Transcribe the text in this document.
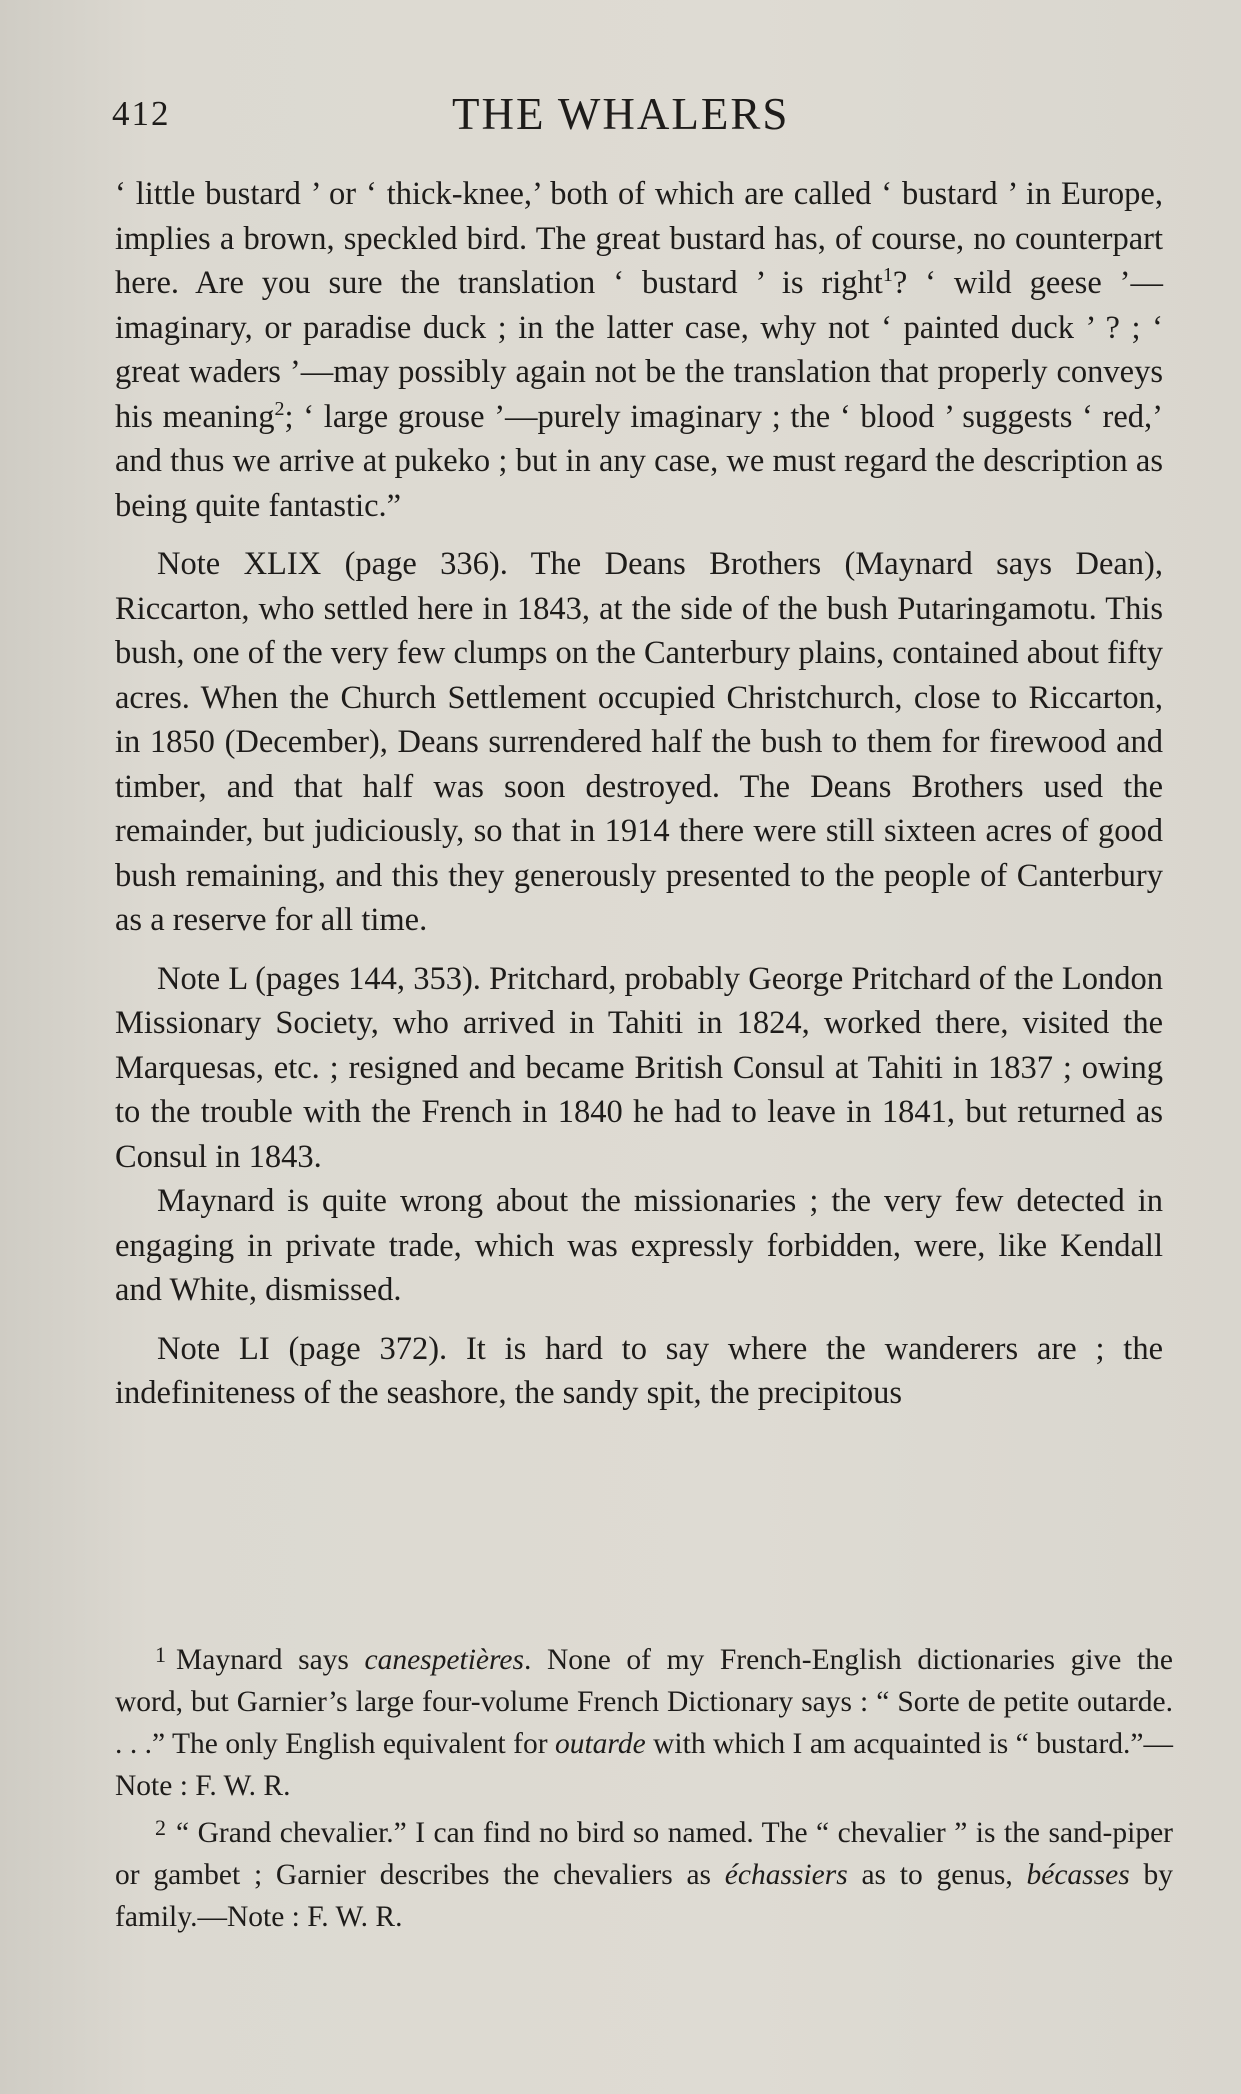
412	THE WHALERS

‘ little bustard ’ or ‘ thick-knee,’ both of which are called ‘ bustard ’ in Europe, implies a brown, speckled bird. The great bustard has, of course, no counterpart here. Are you sure the translation ‘ bustard ’ is right$^1$? ‘ wild geese ’—imaginary, or paradise duck ; in the latter case, why not ‘ painted duck ’ ? ; ‘ great waders ’—may possibly again not be the translation that properly conveys his meaning$^2$; ‘ large grouse ’—purely imaginary ; the ‘ blood ’ suggests ‘ red,’ and thus we arrive at pukeko ; but in any case, we must regard the description as being quite fantastic.”

Note XLIX (page 336). The Deans Brothers (Maynard says Dean), Riccarton, who settled here in 1843, at the side of the bush Putaringamotu. This bush, one of the very few clumps on the Canterbury plains, contained about fifty acres. When the Church Settlement occupied Christchurch, close to Riccarton, in 1850 (December), Deans surrendered half the bush to them for firewood and timber, and that half was soon destroyed. The Deans Brothers used the remainder, but judiciously, so that in 1914 there were still sixteen acres of good bush remaining, and this they generously presented to the people of Canterbury as a reserve for all time.

Note L (pages 144, 353). Pritchard, probably George Pritchard of the London Missionary Society, who arrived in Tahiti in 1824, worked there, visited the Marquesas, etc. ; resigned and became British Consul at Tahiti in 1837 ; owing to the trouble with the French in 1840 he had to leave in 1841, but returned as Consul in 1843.

Maynard is quite wrong about the missionaries ; the very few detected in engaging in private trade, which was expressly forbidden, were, like Kendall and White, dismissed.

Note LI (page 372). It is hard to say where the wanderers are ; the indefiniteness of the seashore, the sandy spit, the precipitous

$^1$ Maynard says canespetières. None of my French-English dictionaries give the word, but Garnier’s large four-volume French Dictionary says : “ Sorte de petite outarde. . . .” The only English equivalent for outarde with which I am acquainted is “ bustard.”—Note : F. W. R.

$^2$ “ Grand chevalier.” I can find no bird so named. The “ chevalier ” is the sand-piper or gambet ; Garnier describes the chevaliers as échassiers as to genus, bécasses by family.—Note : F. W. R.
